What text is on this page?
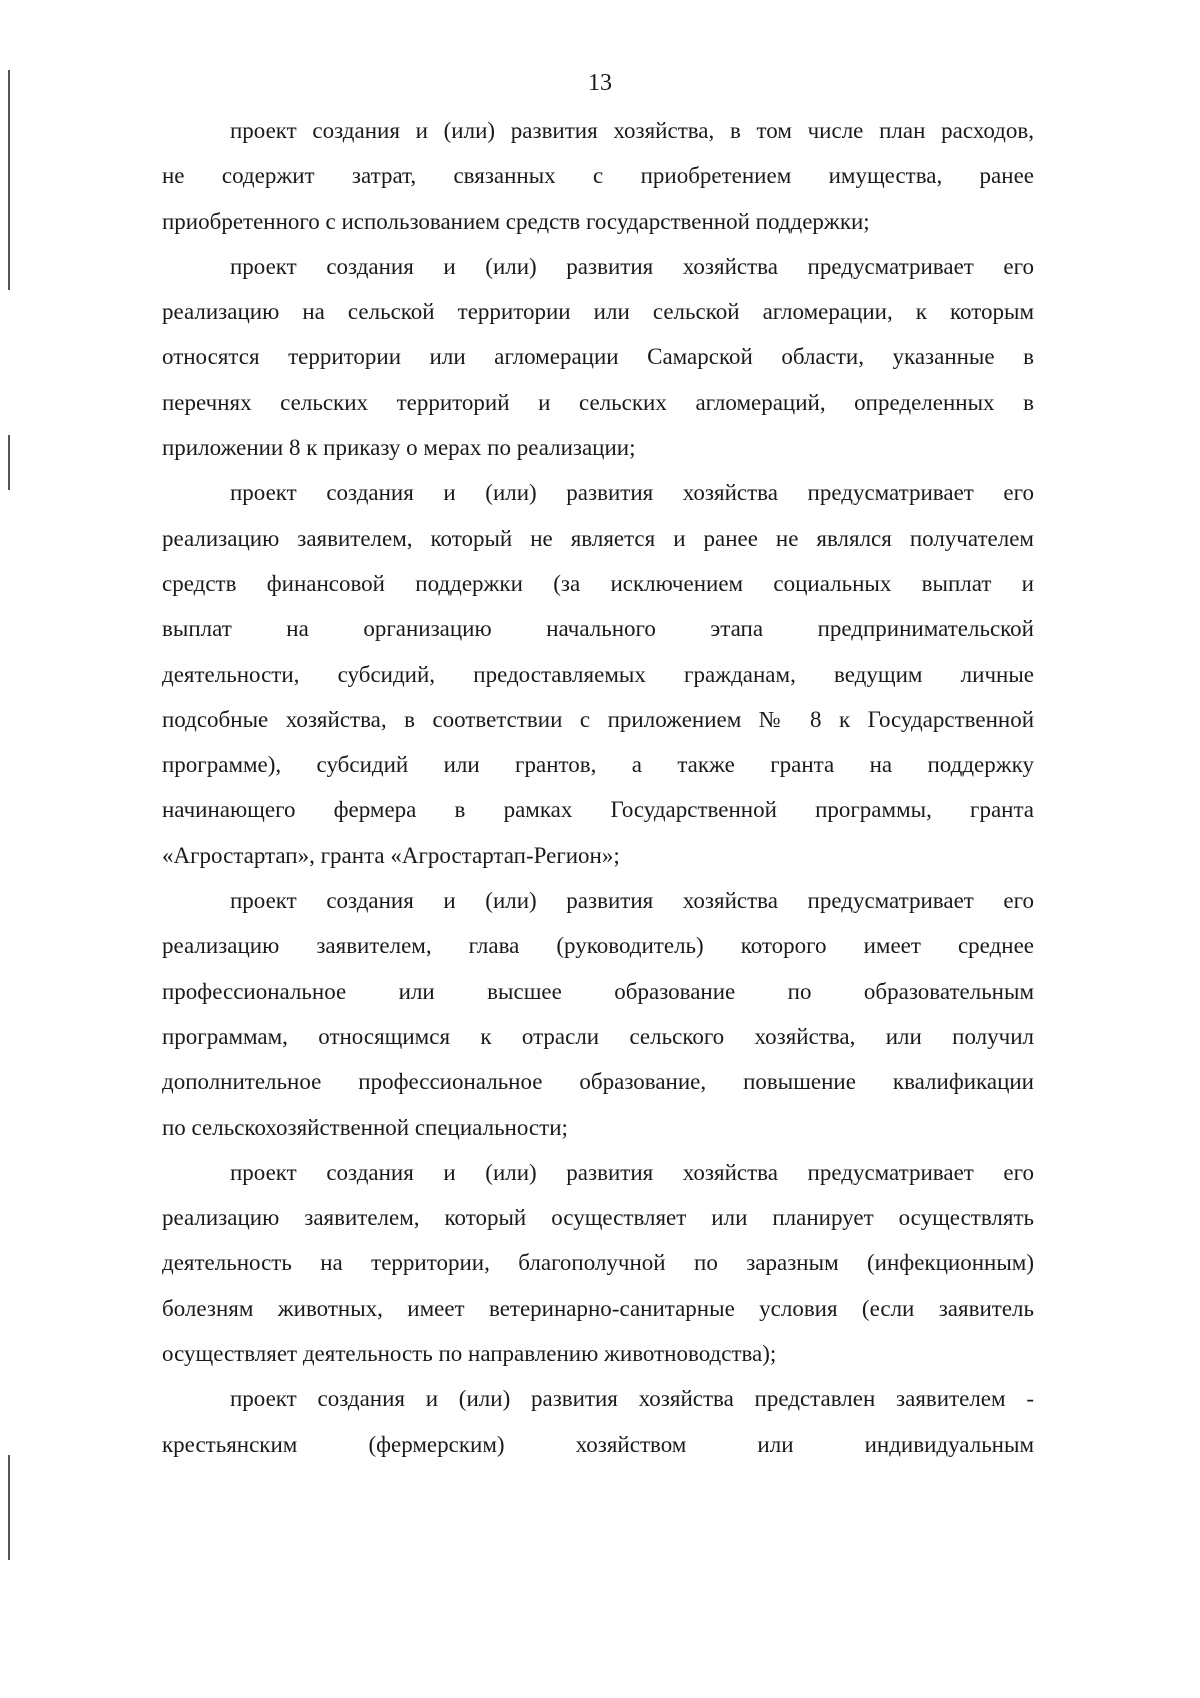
13
проект создания и (или) развития хозяйства, в том числе план расходов,
не содержит затрат, связанных с приобретением имущества, ранее
приобретенного с использованием средств государственной поддержки;
проект создания и (или) развития хозяйства предусматривает его
реализацию на сельской территории или сельской агломерации, к которым
относятся территории или агломерации Самарской области, указанные в
перечнях сельских территорий и сельских агломераций, определенных в
приложении 8 к приказу о мерах по реализации;
проект создания и (или) развития хозяйства предусматривает его
реализацию заявителем, который не является и ранее не являлся получателем
средств финансовой поддержки (за исключением социальных выплат и
выплат на организацию начального этапа предпринимательской
деятельности, субсидий, предоставляемых гражданам, ведущим личные
подсобные хозяйства, в соответствии с приложением № 8 к Государственной
программе), субсидий или грантов, а также гранта на поддержку
начинающего фермера в рамках Государственной программы, гранта
«Агростартап», гранта «Агростартап-Регион»;
проект создания и (или) развития хозяйства предусматривает его
реализацию заявителем, глава (руководитель) которого имеет среднее
профессиональное или высшее образование по образовательным
программам, относящимся к отрасли сельского хозяйства, или получил
дополнительное профессиональное образование, повышение квалификации
по сельскохозяйственной специальности;
проект создания и (или) развития хозяйства предусматривает его
реализацию заявителем, который осуществляет или планирует осуществлять
деятельность на территории, благополучной по заразным (инфекционным)
болезням животных, имеет ветеринарно-санитарные условия (если заявитель
осуществляет деятельность по направлению животноводства);
проект создания и (или) развития хозяйства представлен заявителем -
крестьянским (фермерским) хозяйством или индивидуальным
